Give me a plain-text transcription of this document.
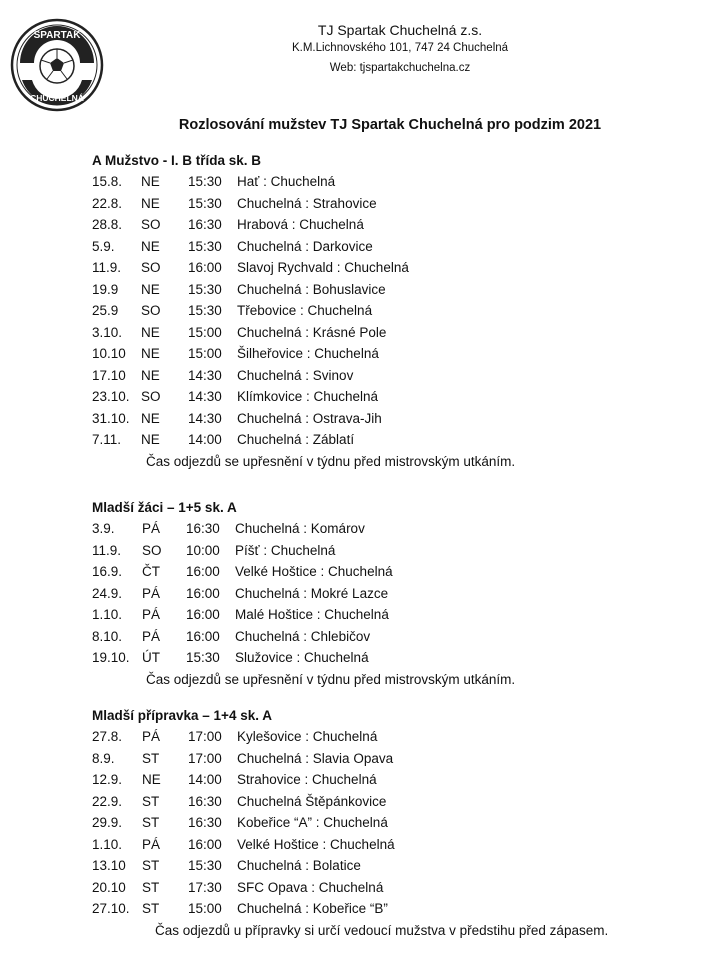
SPARTAK
CHUCHELNÁ
TJ Spartak Chuchelná z.s.
K.M.Lichnovského 101, 747 24 Chuchelná
Web: tjspartakchuchelna.cz
Rozlosování mužstev TJ Spartak Chuchelná pro podzim 2021
A Mužstvo - I. B třída sk. B
15.8. NE 15:30 Hať : Chuchelná
22.8. NE 15:30 Chuchelná : Strahovice
28.8. SO 16:30 Hrabová : Chuchelná
5.9. NE 15:30 Chuchelná : Darkovice
11.9. SO 16:00 Slavoj Rychvald : Chuchelná
19.9 NE 15:30 Chuchelná : Bohuslavice
25.9 SO 15:30 Třebovice : Chuchelná
3.10. NE 15:00 Chuchelná : Krásné Pole
10.10 NE 15:00 Šilheřovice : Chuchelná
17.10 NE 14:30 Chuchelná : Svinov
23.10. SO 14:30 Klímkovice : Chuchelná
31.10. NE 14:30 Chuchelná : Ostrava-Jih
7.11. NE 14:00 Chuchelná : Záblatí
Čas odjezdů se upřesnění v týdnu před mistrovským utkáním.
Mladší žáci – 1+5 sk. A
3.9. PÁ 16:30 Chuchelná : Komárov
11.9. SO 10:00 Píšť : Chuchelná
16.9. ČT 16:00 Velké Hoštice : Chuchelná
24.9. PÁ 16:00 Chuchelná : Mokré Lazce
1.10. PÁ 16:00 Malé Hoštice : Chuchelná
8.10. PÁ 16:00 Chuchelná : Chlebičov
19.10. ÚT 15:30 Služovice : Chuchelná
Čas odjezdů se upřesnění v týdnu před mistrovským utkáním.
Mladší přípravka – 1+4 sk. A
27.8. PÁ 17:00 Kylešovice : Chuchelná
8.9. ST 17:00 Chuchelná : Slavia Opava
12.9. NE 14:00 Strahovice : Chuchelná
22.9. ST 16:30 Chuchelná Štěpánkovice
29.9. ST 16:30 Kobeřice “A” : Chuchelná
1.10. PÁ 16:00 Velké Hoštice : Chuchelná
13.10 ST 15:30 Chuchelná : Bolatice
20.10 ST 17:30 SFC Opava : Chuchelná
27.10. ST 15:00 Chuchelná : Kobeřice “B”
Čas odjezdů u přípravky si určí vedoucí mužstva v předstihu před zápasem.
